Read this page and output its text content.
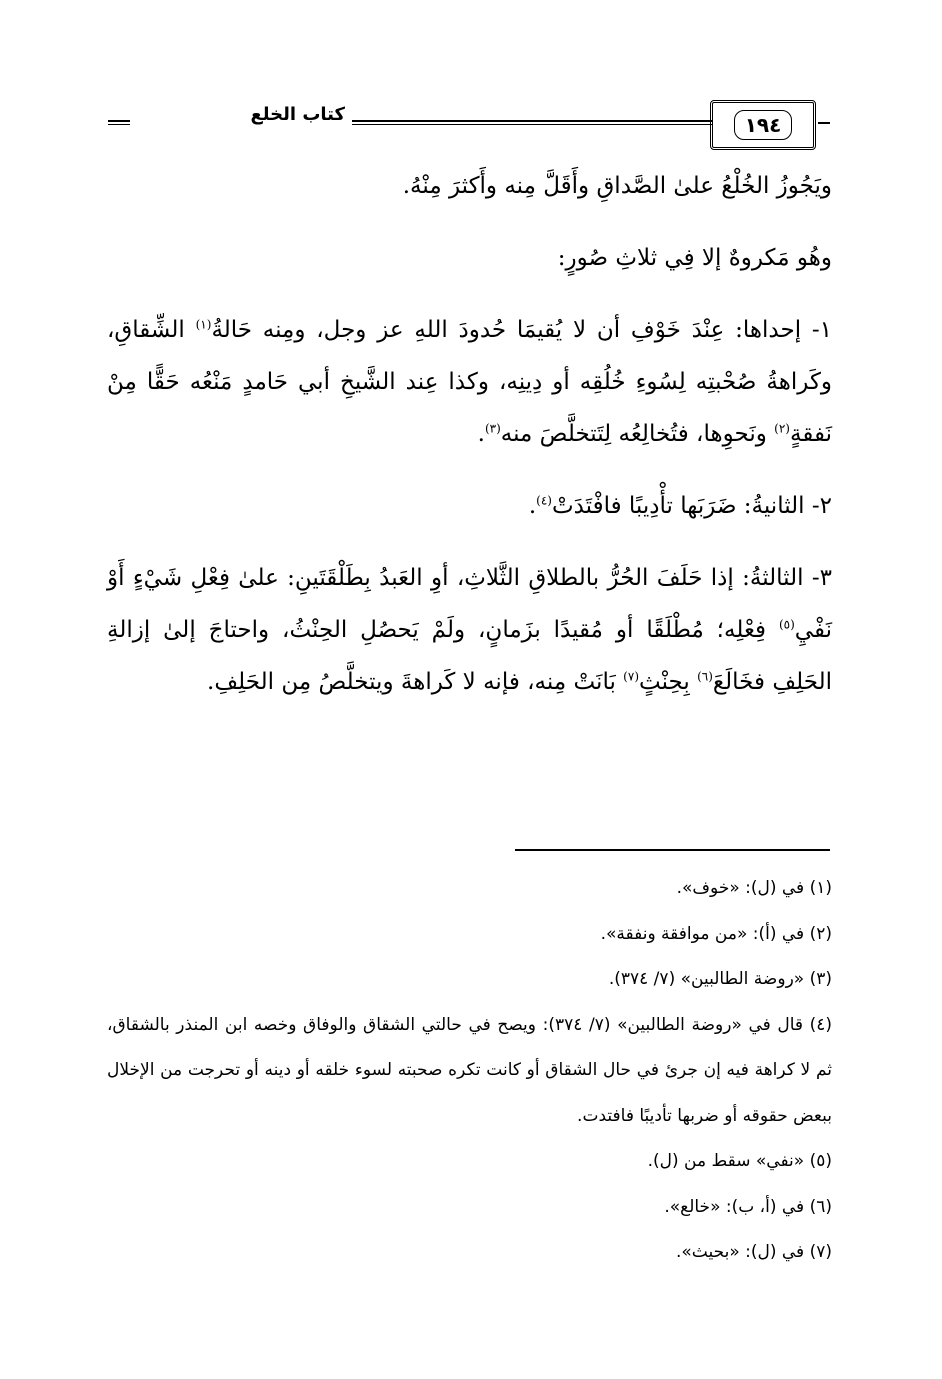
١٩٤
كتاب الخلع

ويَجُوزُ الخُلْعُ علىٰ الصَّداقِ وأَقَلَّ مِنه وأَكثرَ مِنْهُ.

وهُو مَكروهٌ إلا فِي ثلاثِ صُورٍ:

١- إحداها: عِنْدَ خَوْفِ أن لا يُقيمَا حُدودَ اللهِ عز وجل، ومِنه حَالةُ$^{(١)}$ الشِّقاقِ، وكَراهةُ صُحْبتِه لِسُوءِ خُلُقِه أو دِينِه، وكذا عِند الشَّيخِ أبي حَامدٍ مَنْعُه حَقًّا مِنْ نَفقةٍ$^{(٢)}$ ونَحوِها، فتُخالِعُه لِتَتخلَّصَ منه$^{(٣)}$.

٢- الثانيةُ: ضَرَبَها تأْدِيبًا فافْتَدَتْ$^{(٤)}$.

٣- الثالثةُ: إذا حَلَفَ الحُرُّ بالطلاقِ الثَّلاثِ، أوِ العَبدُ بِطَلْقَتَينِ: علىٰ فِعْلِ شَيْءٍ أَوْ نَفْيِ$^{(٥)}$ فِعْلِه؛ مُطْلَقًا أو مُقيدًا بزَمانٍ، ولَمْ يَحصُلِ الحِنْثُ، واحتاجَ إلىٰ إزالةِ الحَلِفِ فخَالَعَ$^{(٦)}$ بِحِنْثٍ$^{(٧)}$ بَانَتْ مِنه، فإنه لا كَراهةَ ويتخلَّصُ مِن الحَلِفِ.

(١) في (ل): «خوف».

(٢) في (أ): «من موافقة ونفقة».

(٣) «روضة الطالبين» (٧/ ٣٧٤).

(٤) قال في «روضة الطالبين» (٧/ ٣٧٤): ويصح في حالتي الشقاق والوفاق وخصه ابن المنذر بالشقاق، ثم لا كراهة فيه إن جرئ في حال الشقاق أو كانت تكره صحبته لسوء خلقه أو دينه أو تحرجت من الإخلال ببعض حقوقه أو ضربها تأديبًا فافتدت.

(٥) «نفي» سقط من (ل).

(٦) في (أ، ب): «خالع».

(٧) في (ل): «بحيث».
